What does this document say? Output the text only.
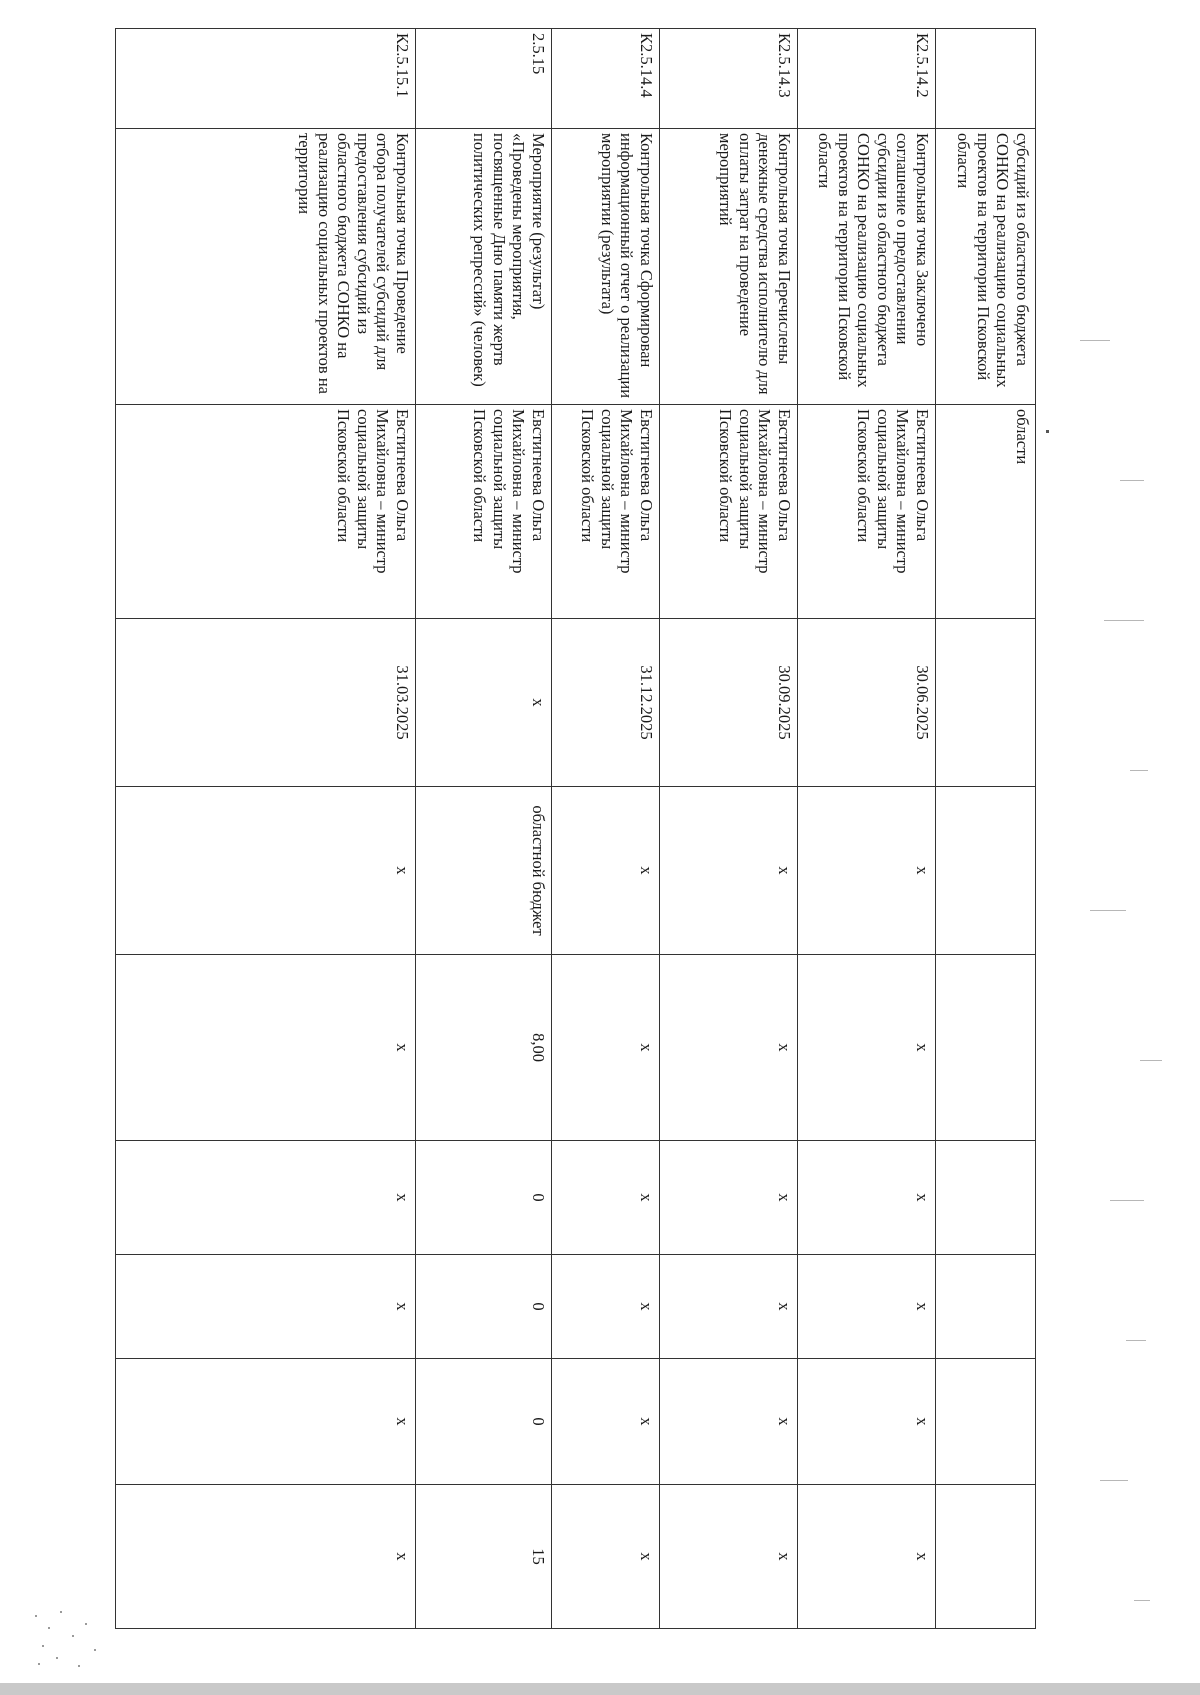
	субсидий из областного бюджета СОНКО на реализацию социальных проектов на территории Псковской области	области							
К2.5.14.2	Контрольная точка Заключено соглашение о предоставлении субсидии из областного бюджета СОНКО на реализацию социальных проектов на территории Псковской области	Евстигнеева Ольга Михайловна – министр социальной защиты Псковской области	30.06.2025	x	x	x	x	x	x
К2.5.14.3	Контрольная точка Перечислены денежные средства исполнителю для оплаты затрат на проведение мероприятий	Евстигнеева Ольга Михайловна – министр социальной защиты Псковской области	30.09.2025	x	x	x	x	x	x
К2.5.14.4	Контрольная точка Сформирован информационный отчет о реализации мероприятии (результата)	Евстигнеева Ольга Михайловна – министр социальной защиты Псковской области	31.12.2025	x	x	x	x	x	x
2.5.15	Мероприятие (результат) «Проведены мероприятия, посвященные Дню памяти жертв политических репрессий» (человек)	Евстигнеева Ольга Михайловна – министр социальной защиты Псковской области	x	областной бюджет	8,00	0	0	0	15
К2.5.15.1	Контрольная точка Проведение отбора получателей субсидий для предоставления субсидий из областного бюджета СОНКО на реализацию социальных проектов на территории	Евстигнеева Ольга Михайловна – министр социальной защиты Псковской области	31.03.2025	x	x	x	x	x	x
